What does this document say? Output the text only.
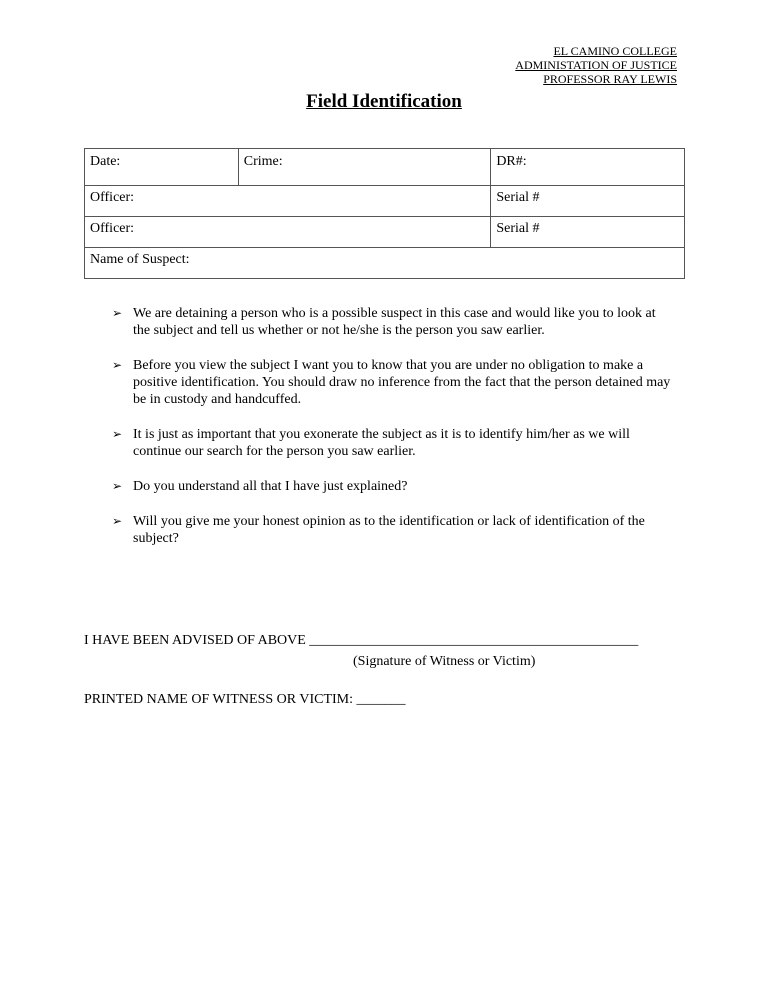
EL CAMINO COLLEGE
ADMINISTATION OF JUSTICE
PROFESSOR RAY LEWIS
Field Identification
Date:	Crime:	DR#:
Officer:		Serial #
Officer:		Serial #
Name of Suspect:		
➢ We are detaining a person who is a possible suspect in this case and would like you to look at the subject and tell us whether or not he/she is the person you saw earlier.
➢ Before you view the subject I want you to know that you are under no obligation to make a positive identification. You should draw no inference from the fact that the person detained may be in custody and handcuffed.
➢ It is just as important that you exonerate the subject as it is to identify him/her as we will continue our search for the person you saw earlier.
➢ Do you understand all that I have just explained?
➢ Will you give me your honest opinion as to the identification or lack of identification of the subject?
I HAVE BEEN ADVISED OF ABOVE _______________________________________________
(Signature of Witness or Victim)
PRINTED NAME OF WITNESS OR VICTIM: _______
